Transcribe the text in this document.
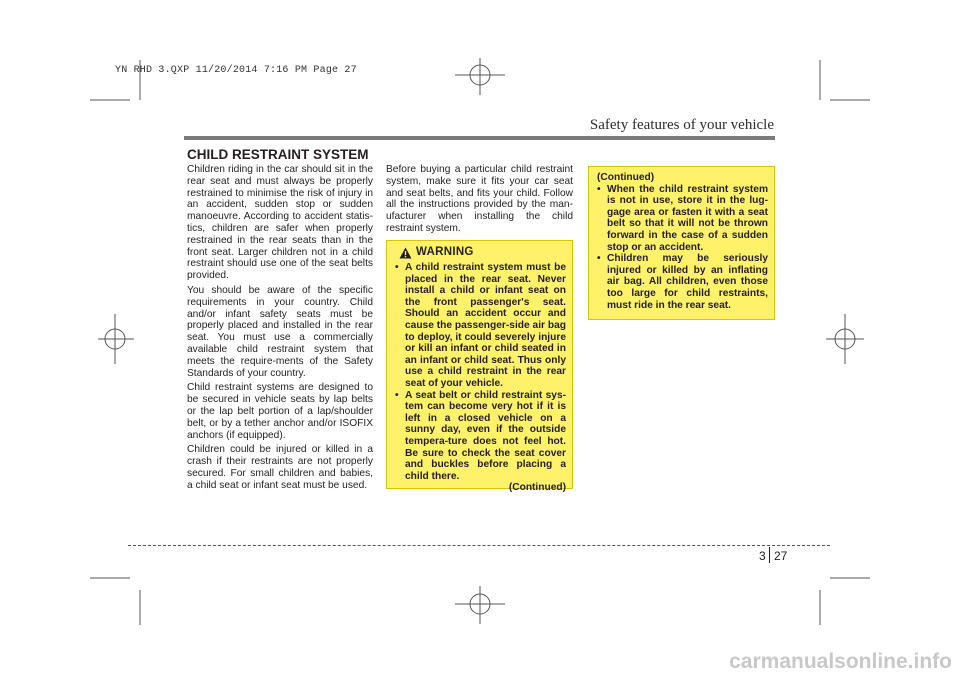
YN RHD 3.QXP 11/20/2014 7:16 PM Page 27
Safety features of your vehicle
CHILD RESTRAINT SYSTEM

Children riding in the car should sit in the rear seat and must always be properly restrained to minimise the risk of injury in an accident, sudden stop or sudden manoeuvre. According to accident statis-tics, children are safer when properly restrained in the rear seats than in the front seat. Larger children not in a child restraint should use one of the seat belts provided.

You should be aware of the specific requirements in your country. Child and/or infant safety seats must be properly placed and installed in the rear seat. You must use a commercially available child restraint system that meets the require-ments of the Safety Standards of your country.

Child restraint systems are designed to be secured in vehicle seats by lap belts or the lap belt portion of a lap/shoulder belt, or by a tether anchor and/or ISOFIX anchors (if equipped).

Children could be injured or killed in a crash if their restraints are not properly secured. For small children and babies, a child seat or infant seat must be used.

Before buying a particular child restraint system, make sure it fits your car seat and seat belts, and fits your child. Follow all the instructions provided by the man-ufacturer when installing the child restraint system.

WARNING
• A child restraint system must be placed in the rear seat. Never install a child or infant seat on the front passenger's seat. Should an accident occur and cause the passenger-side air bag to deploy, it could severely injure or kill an infant or child seated in an infant or child seat. Thus only use a child restraint in the rear seat of your vehicle.
• A seat belt or child restraint sys-tem can become very hot if it is left in a closed vehicle on a sunny day, even if the outside tempera-ture does not feel hot. Be sure to check the seat cover and buckles before placing a child there.
(Continued)
(Continued)
• When the child restraint system is not in use, store it in the lug-gage area or fasten it with a seat belt so that it will not be thrown forward in the case of a sudden stop or an accident.
• Children may be seriously injured or killed by an inflating air bag. All children, even those too large for child restraints, must ride in the rear seat.
3 27
carmanualsonline.info
